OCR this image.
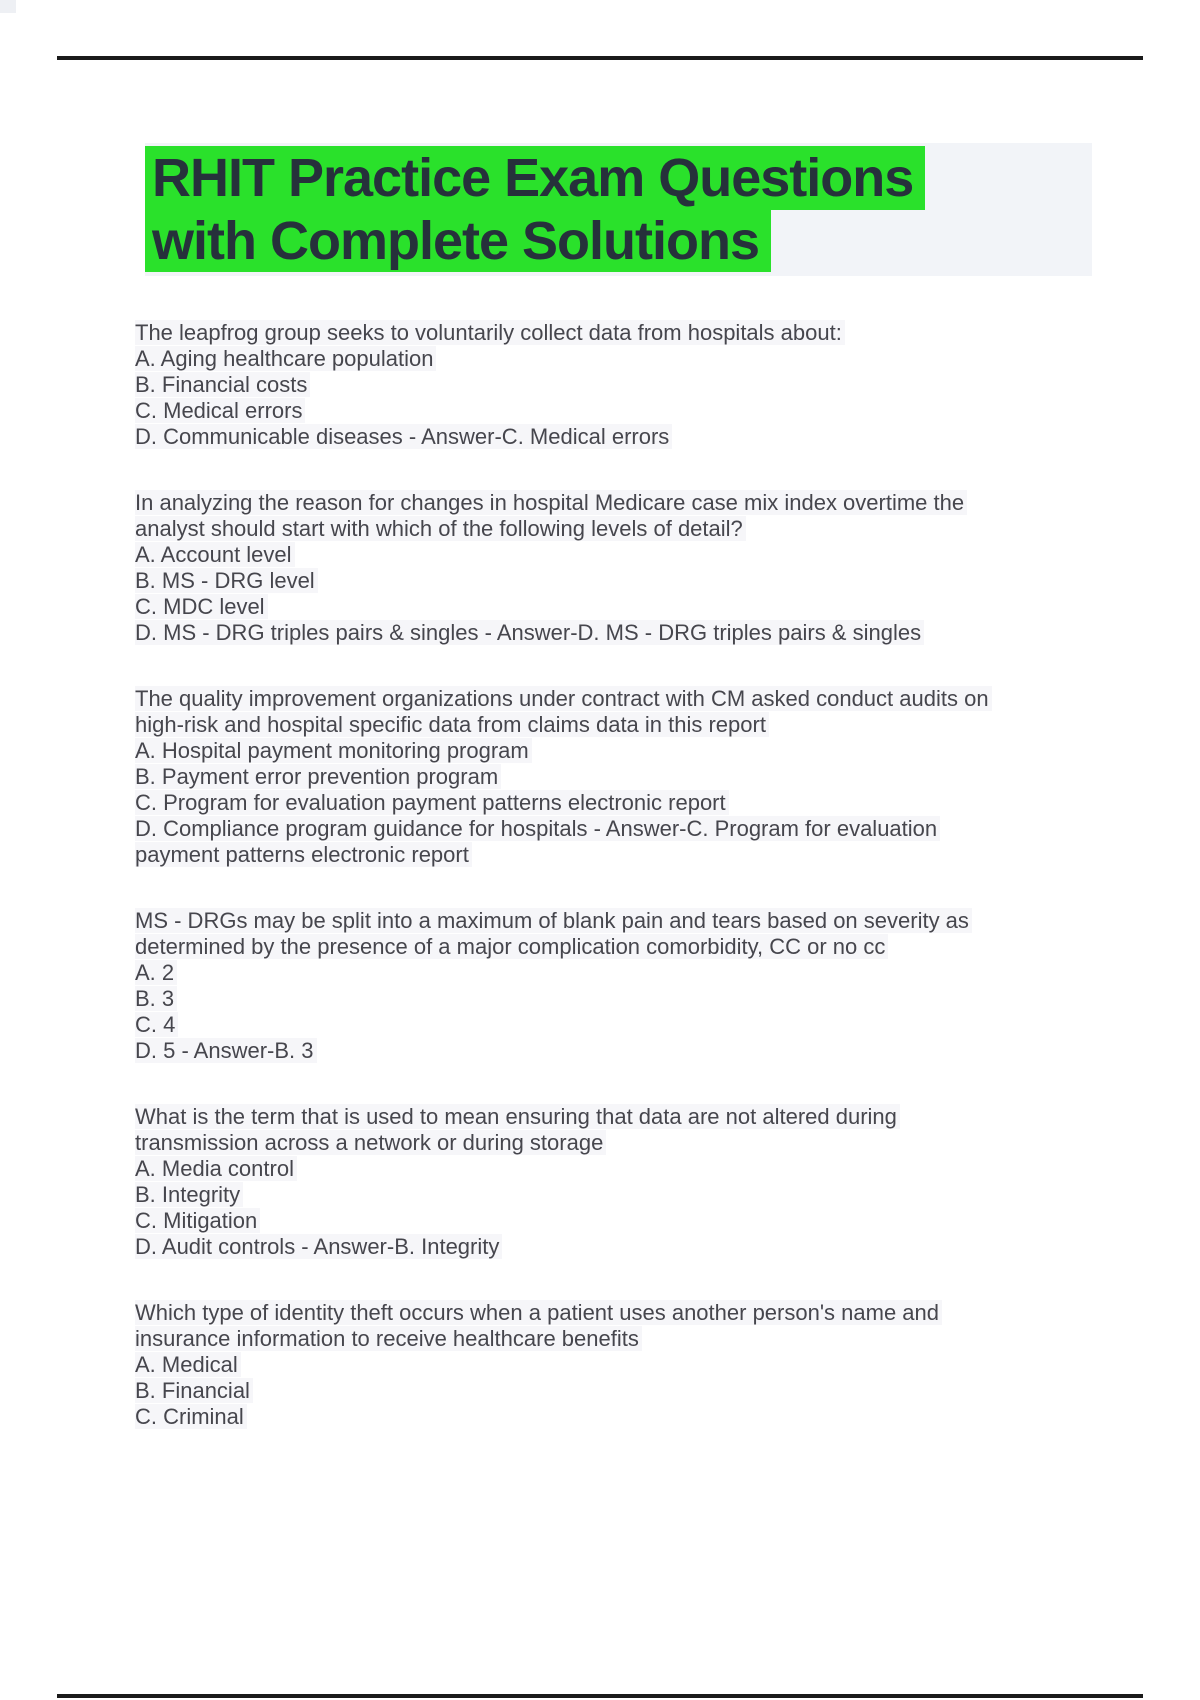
RHIT Practice Exam Questions
with Complete Solutions
The leapfrog group seeks to voluntarily collect data from hospitals about:
A. Aging healthcare population
B. Financial costs
C. Medical errors
D. Communicable diseases - Answer-C. Medical errors
In analyzing the reason for changes in hospital Medicare case mix index overtime the
analyst should start with which of the following levels of detail?
A. Account level
B. MS - DRG level
C. MDC level
D. MS - DRG triples pairs & singles - Answer-D. MS - DRG triples pairs & singles
The quality improvement organizations under contract with CM asked conduct audits on
high-risk and hospital specific data from claims data in this report
A. Hospital payment monitoring program
B. Payment error prevention program
C. Program for evaluation payment patterns electronic report
D. Compliance program guidance for hospitals - Answer-C. Program for evaluation
payment patterns electronic report
MS - DRGs may be split into a maximum of blank pain and tears based on severity as
determined by the presence of a major complication comorbidity, CC or no cc
A. 2
B. 3
C. 4
D. 5 - Answer-B. 3
What is the term that is used to mean ensuring that data are not altered during
transmission across a network or during storage
A. Media control
B. Integrity
C. Mitigation
D. Audit controls - Answer-B. Integrity
Which type of identity theft occurs when a patient uses another person's name and
insurance information to receive healthcare benefits
A. Medical
B. Financial
C. Criminal
